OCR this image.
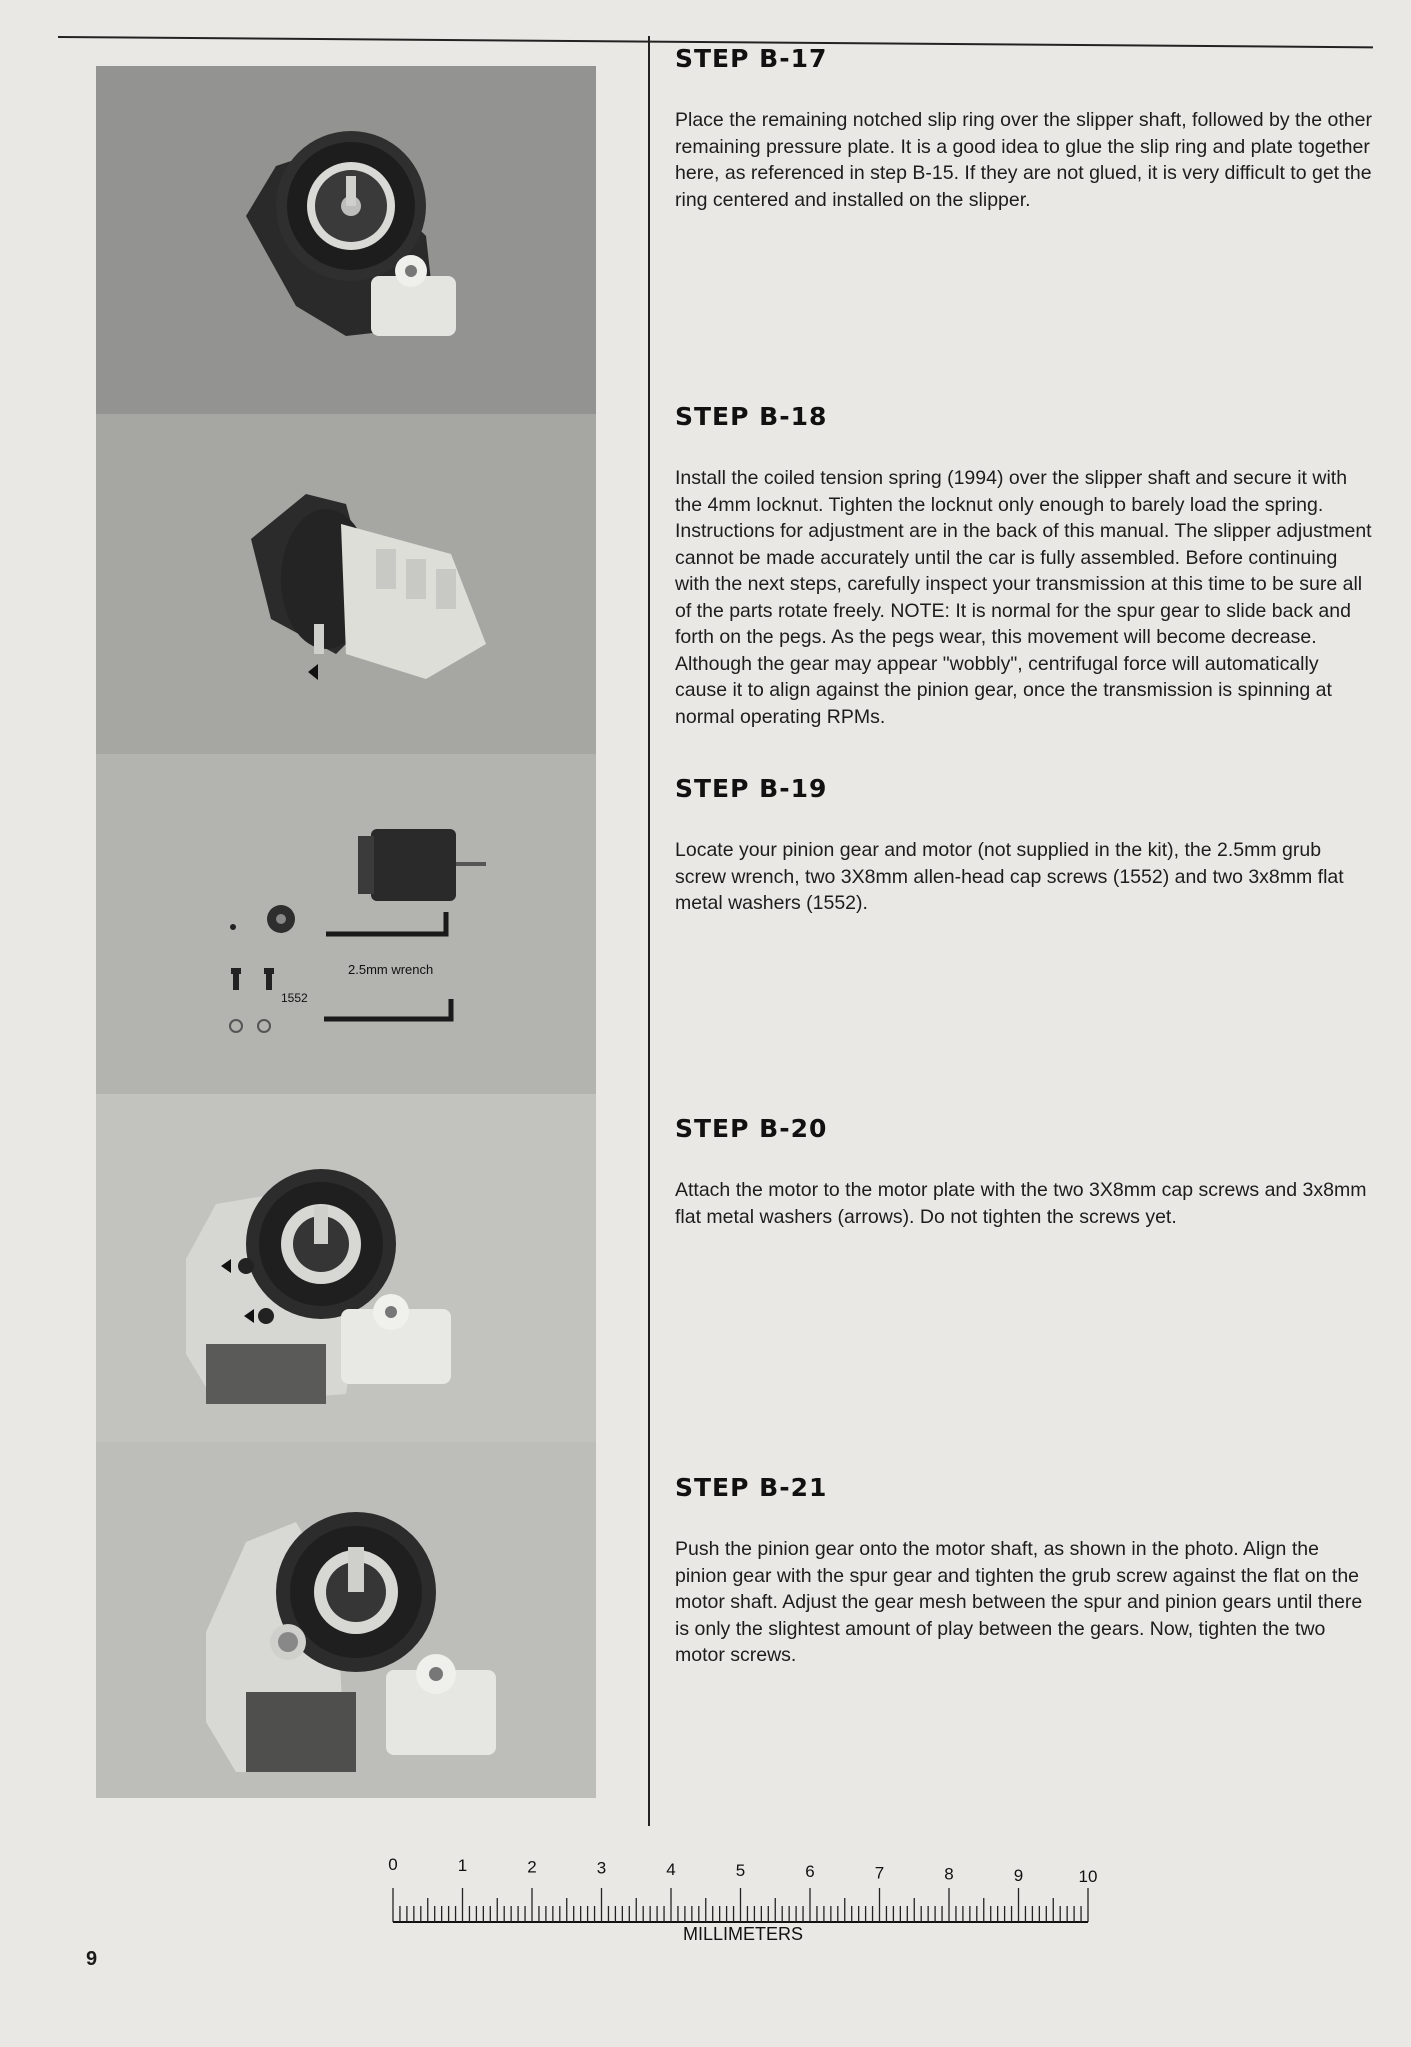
2.5mm wrench
1552
STEP B-17

Place the remaining notched slip ring over the slipper shaft, followed by the other remaining pressure plate. It is a good idea to glue the slip ring and plate together here, as referenced in step B-15. If they are not glued, it is very difficult to get the ring centered and installed on the slipper.

STEP B-18

Install the coiled tension spring (1994) over the slipper shaft and secure it with the 4mm locknut. Tighten the locknut only enough to barely load the spring. Instructions for adjustment are in the back of this manual. The slipper adjustment cannot be made accurately until the car is fully assembled. Before continuing with the next steps, carefully inspect your transmission at this time to be sure all of the parts rotate freely. NOTE: It is normal for the spur gear to slide back and forth on the pegs. As the pegs wear, this movement will become decrease. Although the gear may appear "wobbly", centrifugal force will automatically cause it to align against the pinion gear, once the transmission is spinning at normal operating RPMs.

STEP B-19

Locate your pinion gear and motor (not supplied in the kit), the 2.5mm grub screw wrench, two 3X8mm allen-head cap screws (1552) and two 3x8mm flat metal washers (1552).

STEP B-20

Attach the motor to the motor plate with the two 3X8mm cap screws and 3x8mm flat metal washers (arrows). Do not tighten the screws yet.

STEP B-21

Push the pinion gear onto the motor shaft, as shown in the photo. Align the pinion gear with the spur gear and tighten the grub screw against the flat on the motor shaft. Adjust the gear mesh between the spur and pinion gears until there is only the slightest amount of play between the gears. Now, tighten the two motor screws.

0	1	2	3	4	5	6	7	8	9	10
MILLIMETERS
9
